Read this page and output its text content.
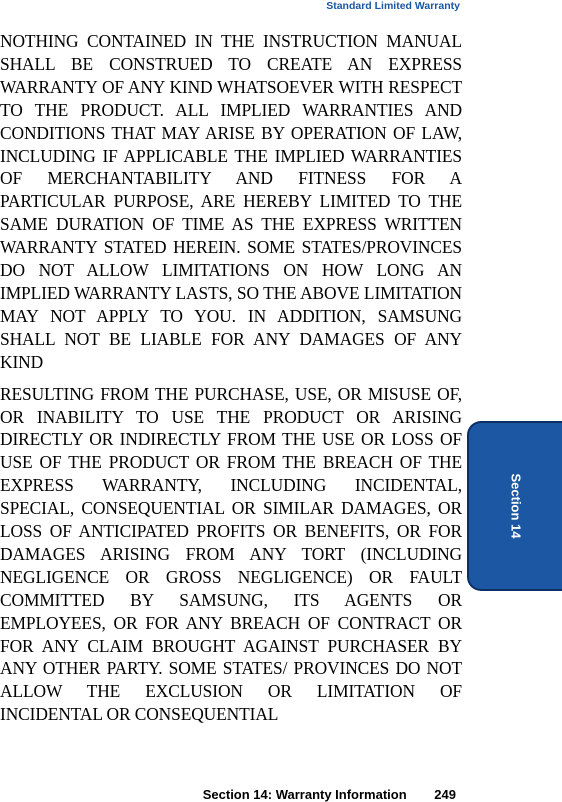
Standard Limited Warranty

NOTHING CONTAINED IN THE INSTRUCTION MANUAL SHALL BE CONSTRUED TO CREATE AN EXPRESS WARRANTY OF ANY KIND WHATSOEVER WITH RESPECT TO THE PRODUCT. ALL IMPLIED WARRANTIES AND CONDITIONS THAT MAY ARISE BY OPERATION OF LAW, INCLUDING IF APPLICABLE THE IMPLIED WARRANTIES OF MERCHANTABILITY AND FITNESS FOR A PARTICULAR PURPOSE, ARE HEREBY LIMITED TO THE SAME DURATION OF TIME AS THE EXPRESS WRITTEN WARRANTY STATED HEREIN. SOME STATES/PROVINCES DO NOT ALLOW LIMITATIONS ON HOW LONG AN IMPLIED WARRANTY LASTS, SO THE ABOVE LIMITATION MAY NOT APPLY TO YOU. IN ADDITION, SAMSUNG SHALL NOT BE LIABLE FOR ANY DAMAGES OF ANY KIND

RESULTING FROM THE PURCHASE, USE, OR MISUSE OF, OR INABILITY TO USE THE PRODUCT OR ARISING DIRECTLY OR INDIRECTLY FROM THE USE OR LOSS OF USE OF THE PRODUCT OR FROM THE BREACH OF THE EXPRESS WARRANTY, INCLUDING INCIDENTAL, SPECIAL, CONSEQUENTIAL OR SIMILAR DAMAGES, OR LOSS OF ANTICIPATED PROFITS OR BENEFITS, OR FOR DAMAGES ARISING FROM ANY TORT (INCLUDING NEGLIGENCE OR GROSS NEGLIGENCE) OR FAULT COMMITTED BY SAMSUNG, ITS AGENTS OR EMPLOYEES, OR FOR ANY BREACH OF CONTRACT OR FOR ANY CLAIM BROUGHT AGAINST PURCHASER BY ANY OTHER PARTY. SOME STATES/ PROVINCES DO NOT ALLOW THE EXCLUSION OR LIMITATION OF INCIDENTAL OR CONSEQUENTIAL

Section 14
Section 14: Warranty Information 249
